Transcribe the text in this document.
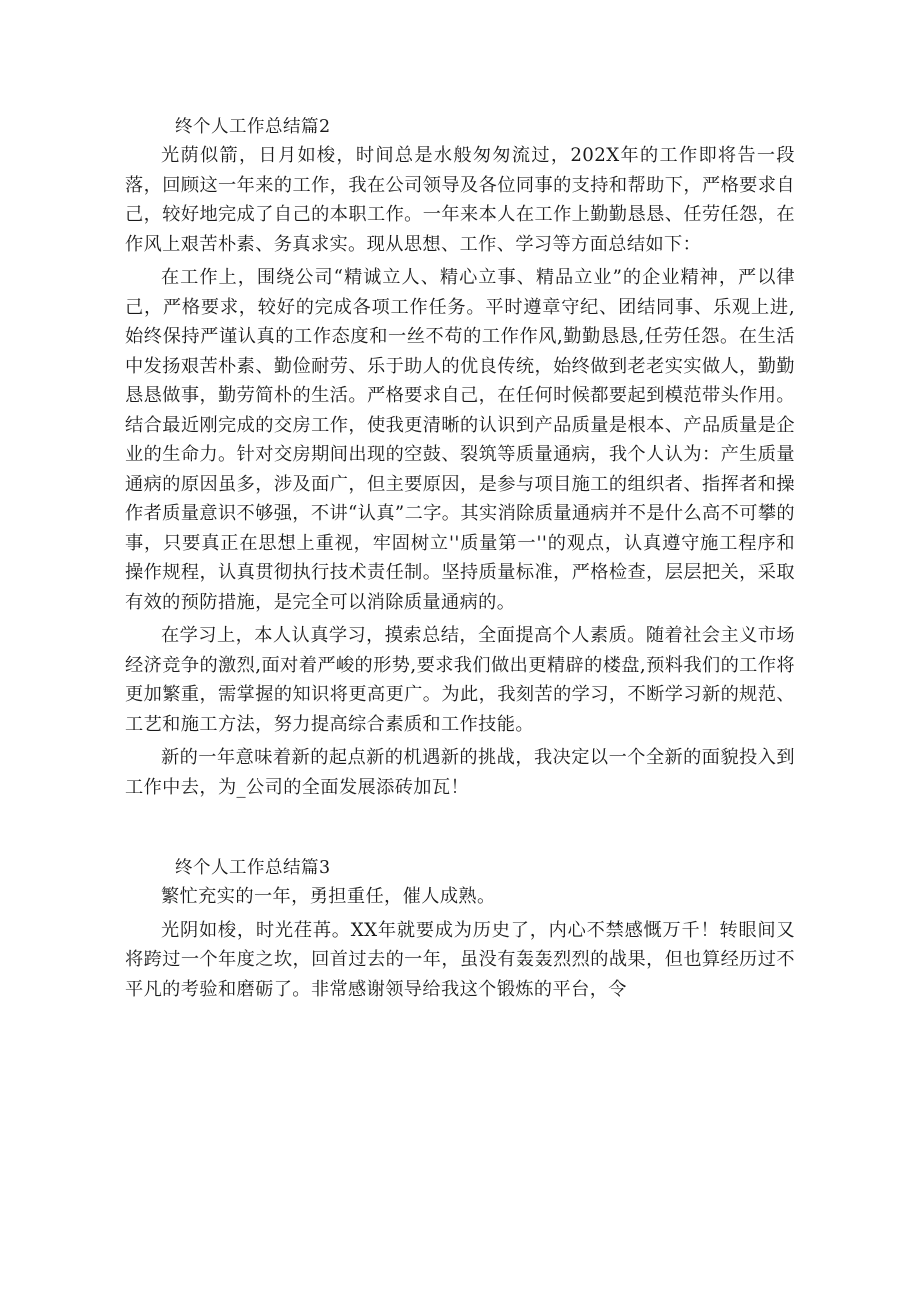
终个人工作总结篇2

光荫似箭，日月如梭，时间总是水般匆匆流过，202X年的工作即将告一段落，回顾这一年来的工作，我在公司领导及各位同事的支持和帮助下，严格要求自己，较好地完成了自己的本职工作。一年来本人在工作上勤勤恳恳、任劳任怨，在作风上艰苦朴素、务真求实。现从思想、工作、学习等方面总结如下：

在工作上，围绕公司“精诚立人、精心立事、精品立业”的企业精神，严以律己，严格要求，较好的完成各项工作任务。平时遵章守纪、团结同事、乐观上进,始终保持严谨认真的工作态度和一丝不苟的工作作风,勤勤恳恳,任劳任怨。在生活中发扬艰苦朴素、勤俭耐劳、乐于助人的优良传统，始终做到老老实实做人，勤勤恳恳做事，勤劳简朴的生活。严格要求自己，在任何时候都要起到模范带头作用。结合最近刚完成的交房工作，使我更清晰的认识到产品质量是根本、产品质量是企业的生命力。针对交房期间出现的空鼓、裂筑等质量通病，我个人认为：产生质量通病的原因虽多，涉及面广，但主要原因，是参与项目施工的组织者、指挥者和操作者质量意识不够强，不讲“认真”二字。其实消除质量通病并不是什么高不可攀的事，只要真正在思想上重视，牢固树立''质量第一''的观点，认真遵守施工程序和操作规程，认真贯彻执行技术责任制。坚持质量标准，严格检查，层层把关，采取有效的预防措施，是完全可以消除质量通病的。

在学习上，本人认真学习，摸索总结，全面提高个人素质。随着社会主义市场经济竞争的激烈,面对着严峻的形势,要求我们做出更精辟的楼盘,预料我们的工作将更加繁重，需掌握的知识将更高更广。为此，我刻苦的学习，不断学习新的规范、工艺和施工方法，努力提高综合素质和工作技能。

新的一年意味着新的起点新的机遇新的挑战，我决定以一个全新的面貌投入到工作中去，为_公司的全面发展添砖加瓦！

终个人工作总结篇3

繁忙充实的一年，勇担重任，催人成熟。

光阴如梭，时光荏苒。XX年就要成为历史了，内心不禁感慨万千！转眼间又将跨过一个年度之坎，回首过去的一年，虽没有轰轰烈烈的战果，但也算经历过不平凡的考验和磨砺了。非常感谢领导给我这个锻炼的平台，令
